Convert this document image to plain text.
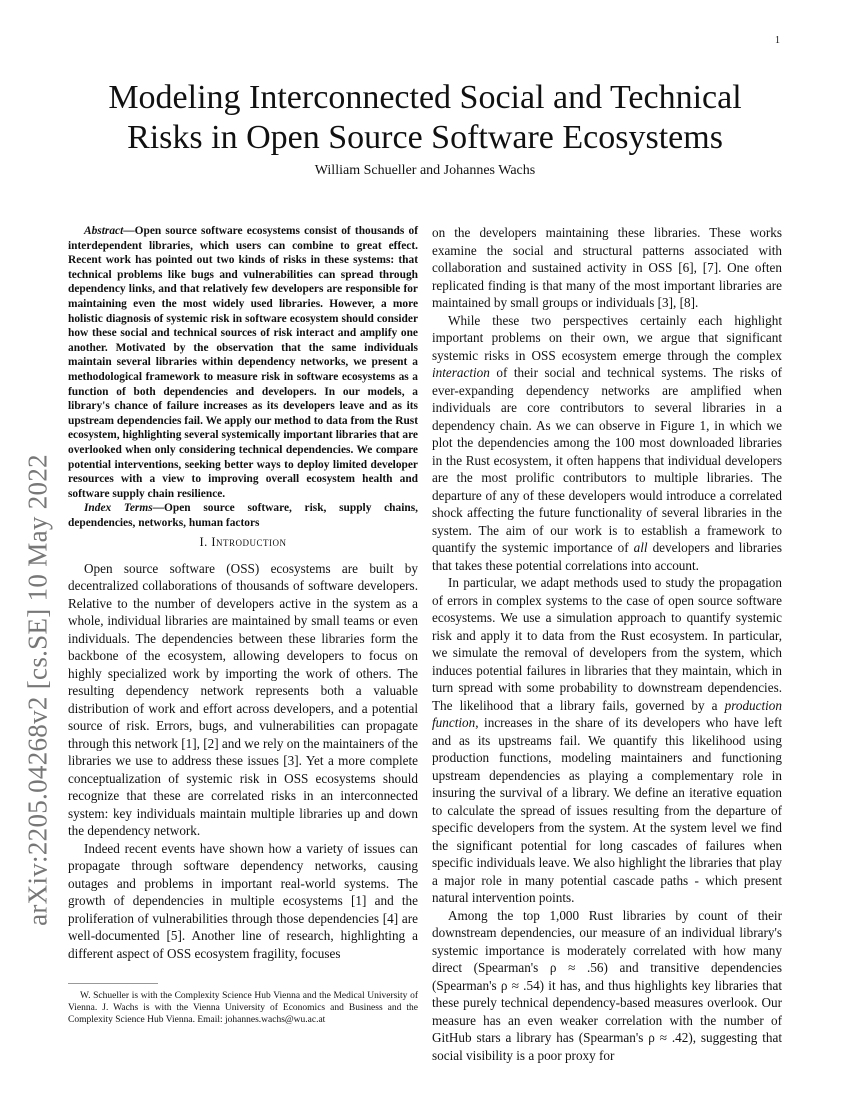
1
arXiv:2205.04268v2 [cs.SE] 10 May 2022
Modeling Interconnected Social and Technical
Risks in Open Source Software Ecosystems

William Schueller and Johannes Wachs

Abstract—Open source software ecosystems consist of thousands of interdependent libraries, which users can combine to great effect. Recent work has pointed out two kinds of risks in these systems: that technical problems like bugs and vulnerabilities can spread through dependency links, and that relatively few developers are responsible for maintaining even the most widely used libraries. However, a more holistic diagnosis of systemic risk in software ecosystem should consider how these social and technical sources of risk interact and amplify one another. Motivated by the observation that the same individuals maintain several libraries within dependency networks, we present a methodological framework to measure risk in software ecosystems as a function of both dependencies and developers. In our models, a library's chance of failure increases as its developers leave and as its upstream dependencies fail. We apply our method to data from the Rust ecosystem, highlighting several systemically important libraries that are overlooked when only considering technical dependencies. We compare potential interventions, seeking better ways to deploy limited developer resources with a view to improving overall ecosystem health and software supply chain resilience.

Index Terms—Open source software, risk, supply chains, dependencies, networks, human factors

I. Introduction

Open source software (OSS) ecosystems are built by decentralized collaborations of thousands of software developers. Relative to the number of developers active in the system as a whole, individual libraries are maintained by small teams or even individuals. The dependencies between these libraries form the backbone of the ecosystem, allowing developers to focus on highly specialized work by importing the work of others. The resulting dependency network represents both a valuable distribution of work and effort across developers, and a potential source of risk. Errors, bugs, and vulnerabilities can propagate through this network [1], [2] and we rely on the maintainers of the libraries we use to address these issues [3]. Yet a more complete conceptualization of systemic risk in OSS ecosystems should recognize that these are correlated risks in an interconnected system: key individuals maintain multiple libraries up and down the dependency network.

Indeed recent events have shown how a variety of issues can propagate through software dependency networks, causing outages and problems in important real-world systems. The growth of dependencies in multiple ecosystems [1] and the proliferation of vulnerabilities through those dependencies [4] are well-documented [5]. Another line of research, highlighting a different aspect of OSS ecosystem fragility, focuses

W. Schueller is with the Complexity Science Hub Vienna and the Medical University of Vienna. J. Wachs is with the Vienna University of Economics and Business and the Complexity Science Hub Vienna. Email: johannes.wachs@wu.ac.at

on the developers maintaining these libraries. These works examine the social and structural patterns associated with collaboration and sustained activity in OSS [6], [7]. One often replicated finding is that many of the most important libraries are maintained by small groups or individuals [3], [8].

While these two perspectives certainly each highlight important problems on their own, we argue that significant systemic risks in OSS ecosystem emerge through the complex interaction of their social and technical systems. The risks of ever-expanding dependency networks are amplified when individuals are core contributors to several libraries in a dependency chain. As we can observe in Figure 1, in which we plot the dependencies among the 100 most downloaded libraries in the Rust ecosystem, it often happens that individual developers are the most prolific contributors to multiple libraries. The departure of any of these developers would introduce a correlated shock affecting the future functionality of several libraries in the system. The aim of our work is to establish a framework to quantify the systemic importance of all developers and libraries that takes these potential correlations into account.

In particular, we adapt methods used to study the propagation of errors in complex systems to the case of open source software ecosystems. We use a simulation approach to quantify systemic risk and apply it to data from the Rust ecosystem. In particular, we simulate the removal of developers from the system, which induces potential failures in libraries that they maintain, which in turn spread with some probability to downstream dependencies. The likelihood that a library fails, governed by a production function, increases in the share of its developers who have left and as its upstreams fail. We quantify this likelihood using production functions, modeling maintainers and functioning upstream dependencies as playing a complementary role in insuring the survival of a library. We define an iterative equation to calculate the spread of issues resulting from the departure of specific developers from the system. At the system level we find the significant potential for long cascades of failures when specific individuals leave. We also highlight the libraries that play a major role in many potential cascade paths - which present natural intervention points.

Among the top 1,000 Rust libraries by count of their downstream dependencies, our measure of an individual library's systemic importance is moderately correlated with how many direct (Spearman's ρ ≈ .56) and transitive dependencies (Spearman's ρ ≈ .54) it has, and thus highlights key libraries that these purely technical dependency-based measures overlook. Our measure has an even weaker correlation with the number of GitHub stars a library has (Spearman's ρ ≈ .42), suggesting that social visibility is a poor proxy for
